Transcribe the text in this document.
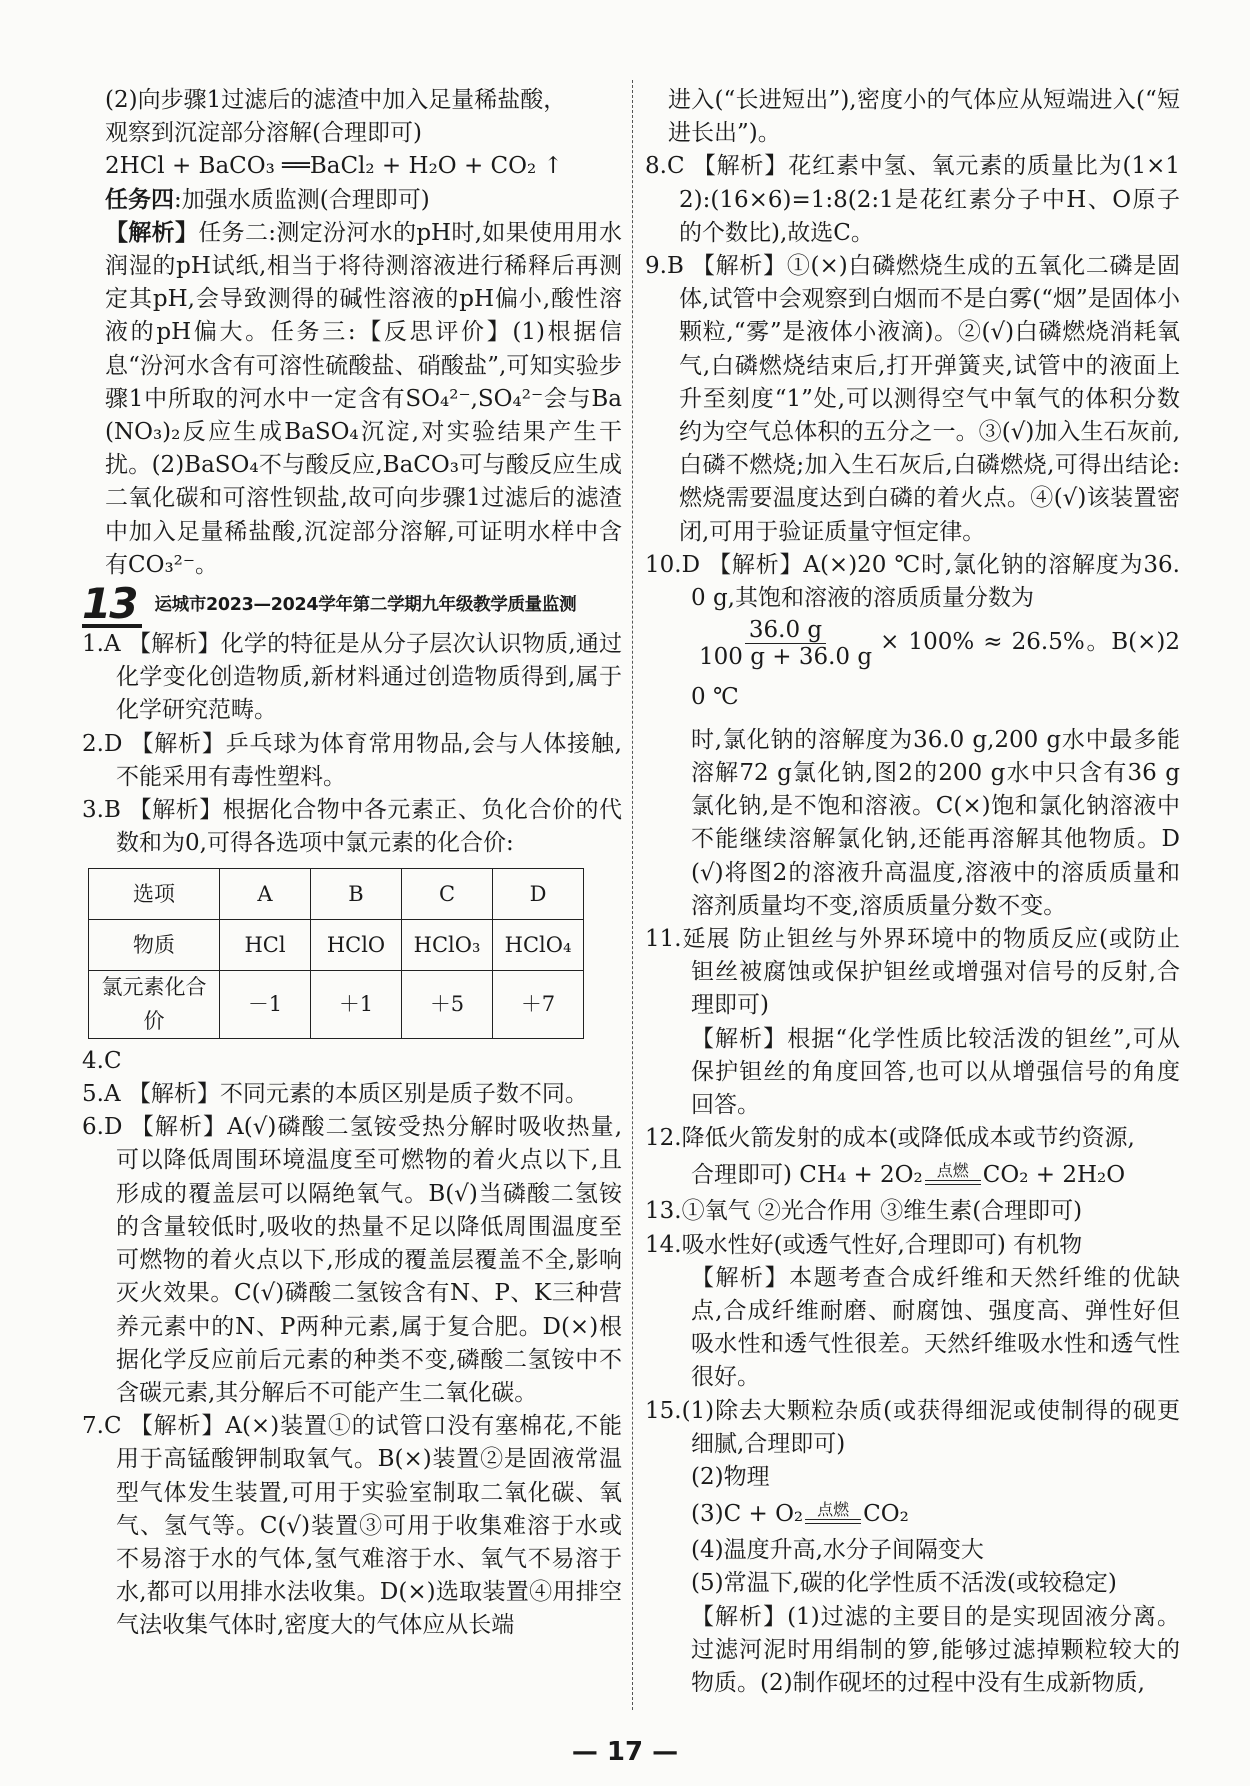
(2)向步骤1过滤后的滤渣中加入足量稀盐酸，

观察到沉淀部分溶解(合理即可)

2HCl + BaCO₃ ══BaCl₂ + H₂O + CO₂ ↑

任务四:加强水质监测(合理即可)

【解析】任务二:测定汾河水的pH时,如果使用用水润湿的pH试纸,相当于将待测溶液进行稀释后再测定其pH,会导致测得的碱性溶液的pH偏小,酸性溶液的pH偏大。任务三:【反思评价】(1)根据信息“汾河水含有可溶性硫酸盐、硝酸盐”,可知实验步骤1中所取的河水中一定含有SO₄²⁻,SO₄²⁻会与Ba(NO₃)₂反应生成BaSO₄沉淀,对实验结果产生干扰。(2)BaSO₄不与酸反应,BaCO₃可与酸反应生成二氧化碳和可溶性钡盐,故可向步骤1过滤后的滤渣中加入足量稀盐酸,沉淀部分溶解,可证明水样中含有CO₃²⁻。

13	运城市2023—2024学年第二学期九年级教学质量监测

1.A 【解析】化学的特征是从分子层次认识物质,通过化学变化创造物质,新材料通过创造物质得到,属于化学研究范畴。

2.D 【解析】乒乓球为体育常用物品,会与人体接触,不能采用有毒性塑料。

3.B 【解析】根据化合物中各元素正、负化合价的代数和为0,可得各选项中氯元素的化合价:

选项	A	B	C	D
物质	HCl	HClO	HClO₃	HClO₄
氯元素化合价	－1	＋1	＋5	＋7

4.C

5.A 【解析】不同元素的本质区别是质子数不同。

6.D 【解析】A(√)磷酸二氢铵受热分解时吸收热量,可以降低周围环境温度至可燃物的着火点以下,且形成的覆盖层可以隔绝氧气。B(√)当磷酸二氢铵的含量较低时,吸收的热量不足以降低周围温度至可燃物的着火点以下,形成的覆盖层覆盖不全,影响灭火效果。C(√)磷酸二氢铵含有N、P、K三种营养元素中的N、P两种元素,属于复合肥。D(×)根据化学反应前后元素的种类不变,磷酸二氢铵中不含碳元素,其分解后不可能产生二氧化碳。

7.C 【解析】A(×)装置①的试管口没有塞棉花,不能用于高锰酸钾制取氧气。B(×)装置②是固液常温型气体发生装置,可用于实验室制取二氧化碳、氧气、氢气等。C(√)装置③可用于收集难溶于水或不易溶于水的气体,氢气难溶于水、氧气不易溶于水,都可以用排水法收集。D(×)选取装置④用排空气法收集气体时,密度大的气体应从长端

进入(“长进短出”),密度小的气体应从短端进入(“短进长出”)。

8.C 【解析】花红素中氢、氧元素的质量比为(1×12):(16×6)=1:8(2:1是花红素分子中H、O原子的个数比),故选C。

9.B 【解析】①(×)白磷燃烧生成的五氧化二磷是固体,试管中会观察到白烟而不是白雾(“烟”是固体小颗粒,“雾”是液体小液滴)。②(√)白磷燃烧消耗氧气,白磷燃烧结束后,打开弹簧夹,试管中的液面上升至刻度“1”处,可以测得空气中氧气的体积分数约为空气总体积的五分之一。③(√)加入生石灰前,白磷不燃烧;加入生石灰后,白磷燃烧,可得出结论:燃烧需要温度达到白磷的着火点。④(√)该装置密闭,可用于验证质量守恒定律。

10.D 【解析】A(×)20 ℃时,氯化钠的溶解度为36.0 g,其饱和溶液的溶质质量分数为

$\frac{36.0 g}{100 g + 36.0 g} \times 100\% \approx 26.5\%$。B(×)20 ℃

时,氯化钠的溶解度为36.0 g,200 g水中最多能溶解72 g氯化钠,图2的200 g水中只含有36 g氯化钠,是不饱和溶液。C(×)饱和氯化钠溶液中不能继续溶解氯化钠,还能再溶解其他物质。D(√)将图2的溶液升高温度,溶液中的溶质质量和溶剂质量均不变,溶质质量分数不变。

11.延展 防止钽丝与外界环境中的物质反应(或防止钽丝被腐蚀或保护钽丝或增强对信号的反射,合理即可)

【解析】根据“化学性质比较活泼的钽丝”,可从保护钽丝的角度回答,也可以从增强信号的角度回答。

12.降低火箭发射的成本(或降低成本或节约资源,

合理即可) CH₄ + 2O₂ 点燃 CO₂ + 2H₂O

13.①氧气 ②光合作用 ③维生素(合理即可)

14.吸水性好(或透气性好,合理即可) 有机物

【解析】本题考查合成纤维和天然纤维的优缺点,合成纤维耐磨、耐腐蚀、强度高、弹性好但吸水性和透气性很差。天然纤维吸水性和透气性很好。

15.(1)除去大颗粒杂质(或获得细泥或使制得的砚更细腻,合理即可)

(2)物理

(3)C + O₂ 点燃 CO₂

(4)温度升高,水分子间隔变大

(5)常温下,碳的化学性质不活泼(或较稳定)

【解析】(1)过滤的主要目的是实现固液分离。过滤河泥时用绢制的箩,能够过滤掉颗粒较大的物质。(2)制作砚坯的过程中没有生成新物质,

— 17 —
